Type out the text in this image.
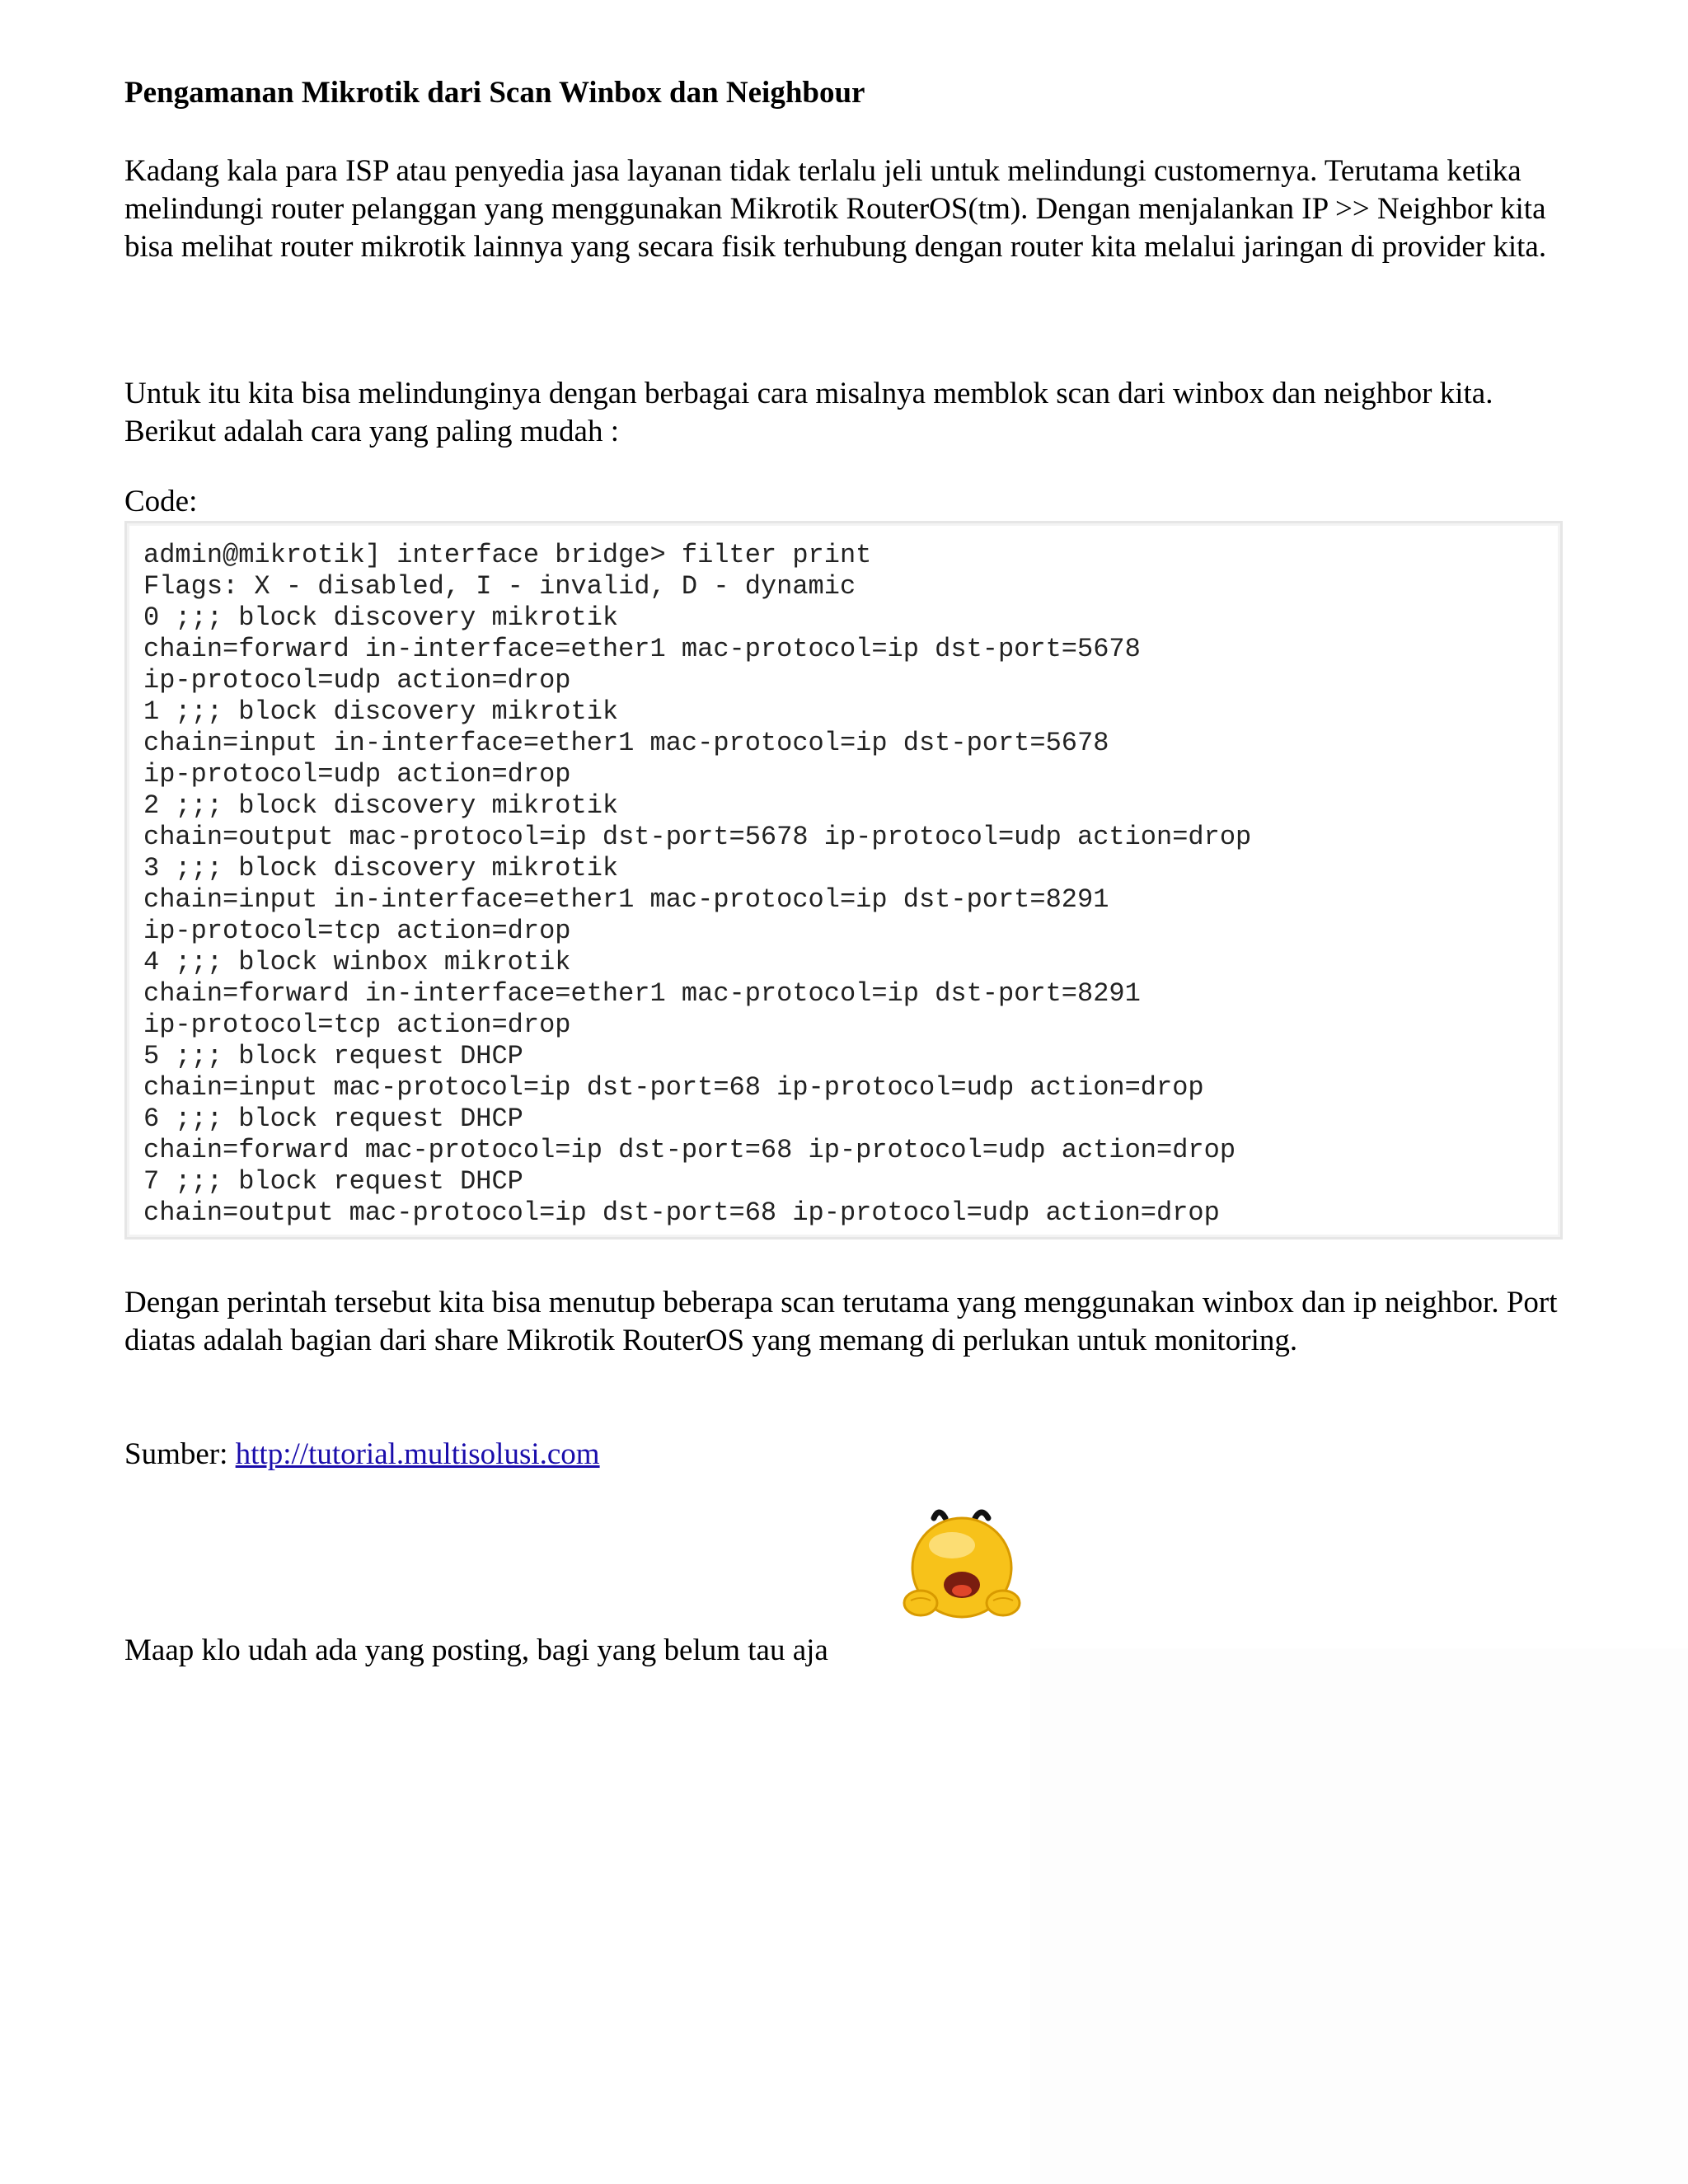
Pengamanan Mikrotik dari Scan Winbox dan Neighbour

Kadang kala para ISP atau penyedia jasa layanan tidak terlalu jeli untuk melindungi customernya. Terutama ketika melindungi router pelanggan yang menggunakan Mikrotik RouterOS(tm). Dengan menjalankan IP >> Neighbor kita bisa melihat router mikrotik lainnya yang secara fisik terhubung dengan router kita melalui jaringan di provider kita.

Untuk itu kita bisa melindunginya dengan berbagai cara misalnya memblok scan dari winbox dan neighbor kita. Berikut adalah cara yang paling mudah :

Code:

admin@mikrotik] interface bridge> filter print
Flags: X - disabled, I - invalid, D - dynamic
0 ;;; block discovery mikrotik
chain=forward in-interface=ether1 mac-protocol=ip dst-port=5678
ip-protocol=udp action=drop
1 ;;; block discovery mikrotik
chain=input in-interface=ether1 mac-protocol=ip dst-port=5678
ip-protocol=udp action=drop
2 ;;; block discovery mikrotik
chain=output mac-protocol=ip dst-port=5678 ip-protocol=udp action=drop
3 ;;; block discovery mikrotik
chain=input in-interface=ether1 mac-protocol=ip dst-port=8291
ip-protocol=tcp action=drop
4 ;;; block winbox mikrotik
chain=forward in-interface=ether1 mac-protocol=ip dst-port=8291
ip-protocol=tcp action=drop
5 ;;; block request DHCP
chain=input mac-protocol=ip dst-port=68 ip-protocol=udp action=drop
6 ;;; block request DHCP
chain=forward mac-protocol=ip dst-port=68 ip-protocol=udp action=drop
7 ;;; block request DHCP
chain=output mac-protocol=ip dst-port=68 ip-protocol=udp action=drop

Dengan perintah tersebut kita bisa menutup beberapa scan terutama yang menggunakan winbox dan ip neighbor. Port diatas adalah bagian dari share Mikrotik RouterOS yang memang di perlukan untuk monitoring.

Sumber: http://tutorial.multisolusi.com

Maap klo udah ada yang posting, bagi yang belum tau aja
